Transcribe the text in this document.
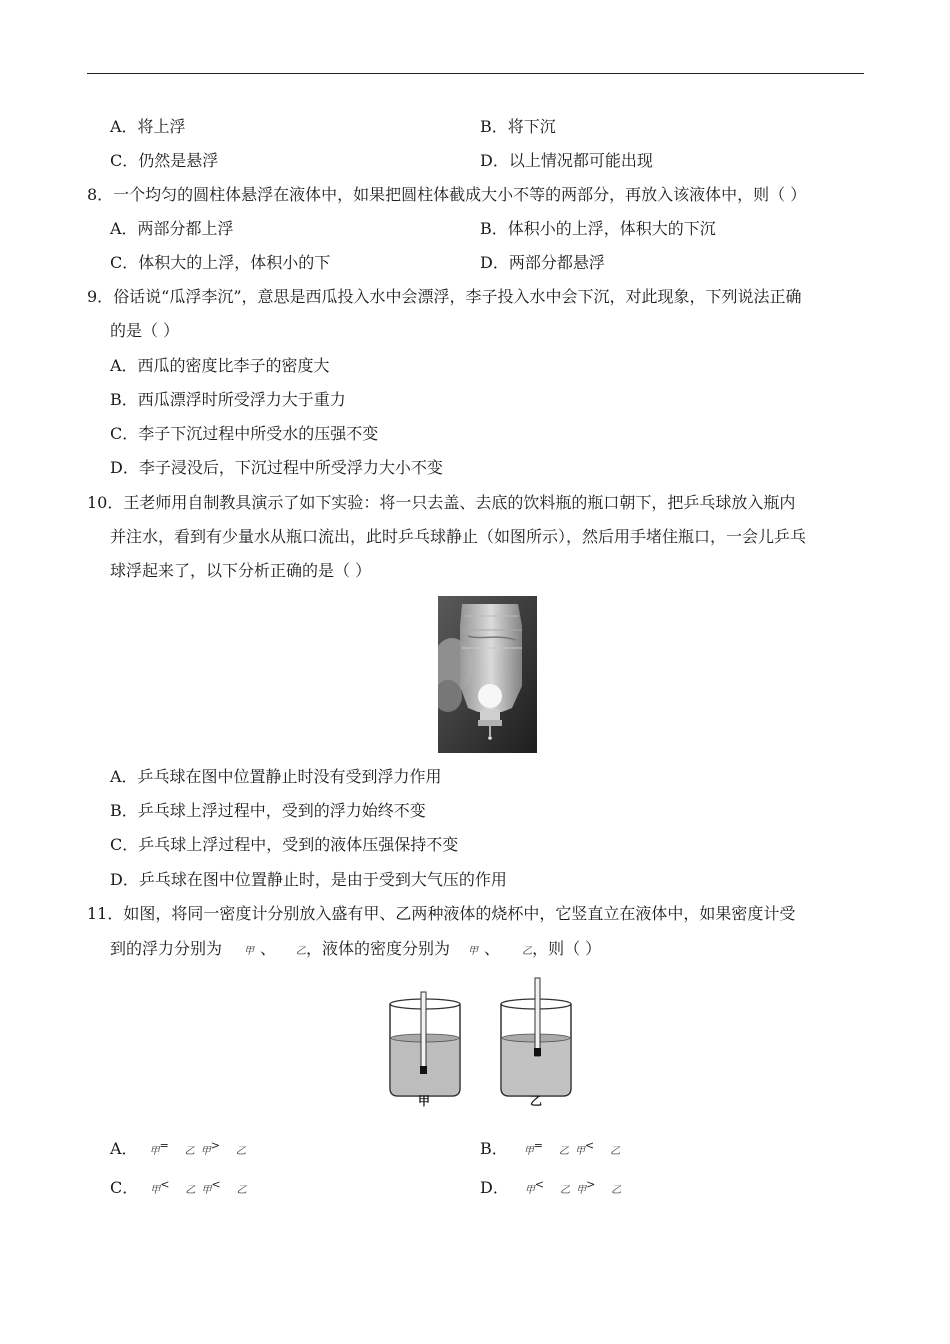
A．将上浮	B．将下沉
C．仍然是悬浮	D．以上情况都可能出现
8．一个均匀的圆柱体悬浮在液体中，如果把圆柱体截成大小不等的两部分，再放入该液体中，则（ ）
A．两部分都上浮	B．体积小的上浮，体积大的下沉
C．体积大的上浮，体积小的下	D．两部分都悬浮
9．俗话说“瓜浮李沉”，意思是西瓜投入水中会漂浮，李子投入水中会下沉，对此现象，下列说法正确
的是（ ）
A．西瓜的密度比李子的密度大
B．西瓜漂浮时所受浮力大于重力
C．李子下沉过程中所受水的压强不变
D．李子浸没后，下沉过程中所受浮力大小不变
10．王老师用自制教具演示了如下实验：将一只去盖、去底的饮料瓶的瓶口朝下，把乒乓球放入瓶内
并注水，看到有少量水从瓶口流出，此时乒乓球静止（如图所示），然后用手堵住瓶口，一会儿乒乓
球浮起来了，以下分析正确的是（ ）
A．乒乓球在图中位置静止时没有受到浮力作用
B．乒乓球上浮过程中，受到的浮力始终不变
C．乒乓球上浮过程中，受到的液体压强保持不变
D．乒乓球在图中位置静止时，是由于受到大气压的作用
11．如图，将同一密度计分别放入盛有甲、乙两种液体的烧杯中，它竖直立在液体中，如果密度计受
到的浮力分别为 甲 、 乙，液体的密度分别为 甲 、 乙，则（ ）
甲	乙
A． 甲= 乙 甲> 乙	B． 甲= 乙 甲< 乙
C． 甲< 乙 甲< 乙	D． 甲< 乙 甲> 乙
